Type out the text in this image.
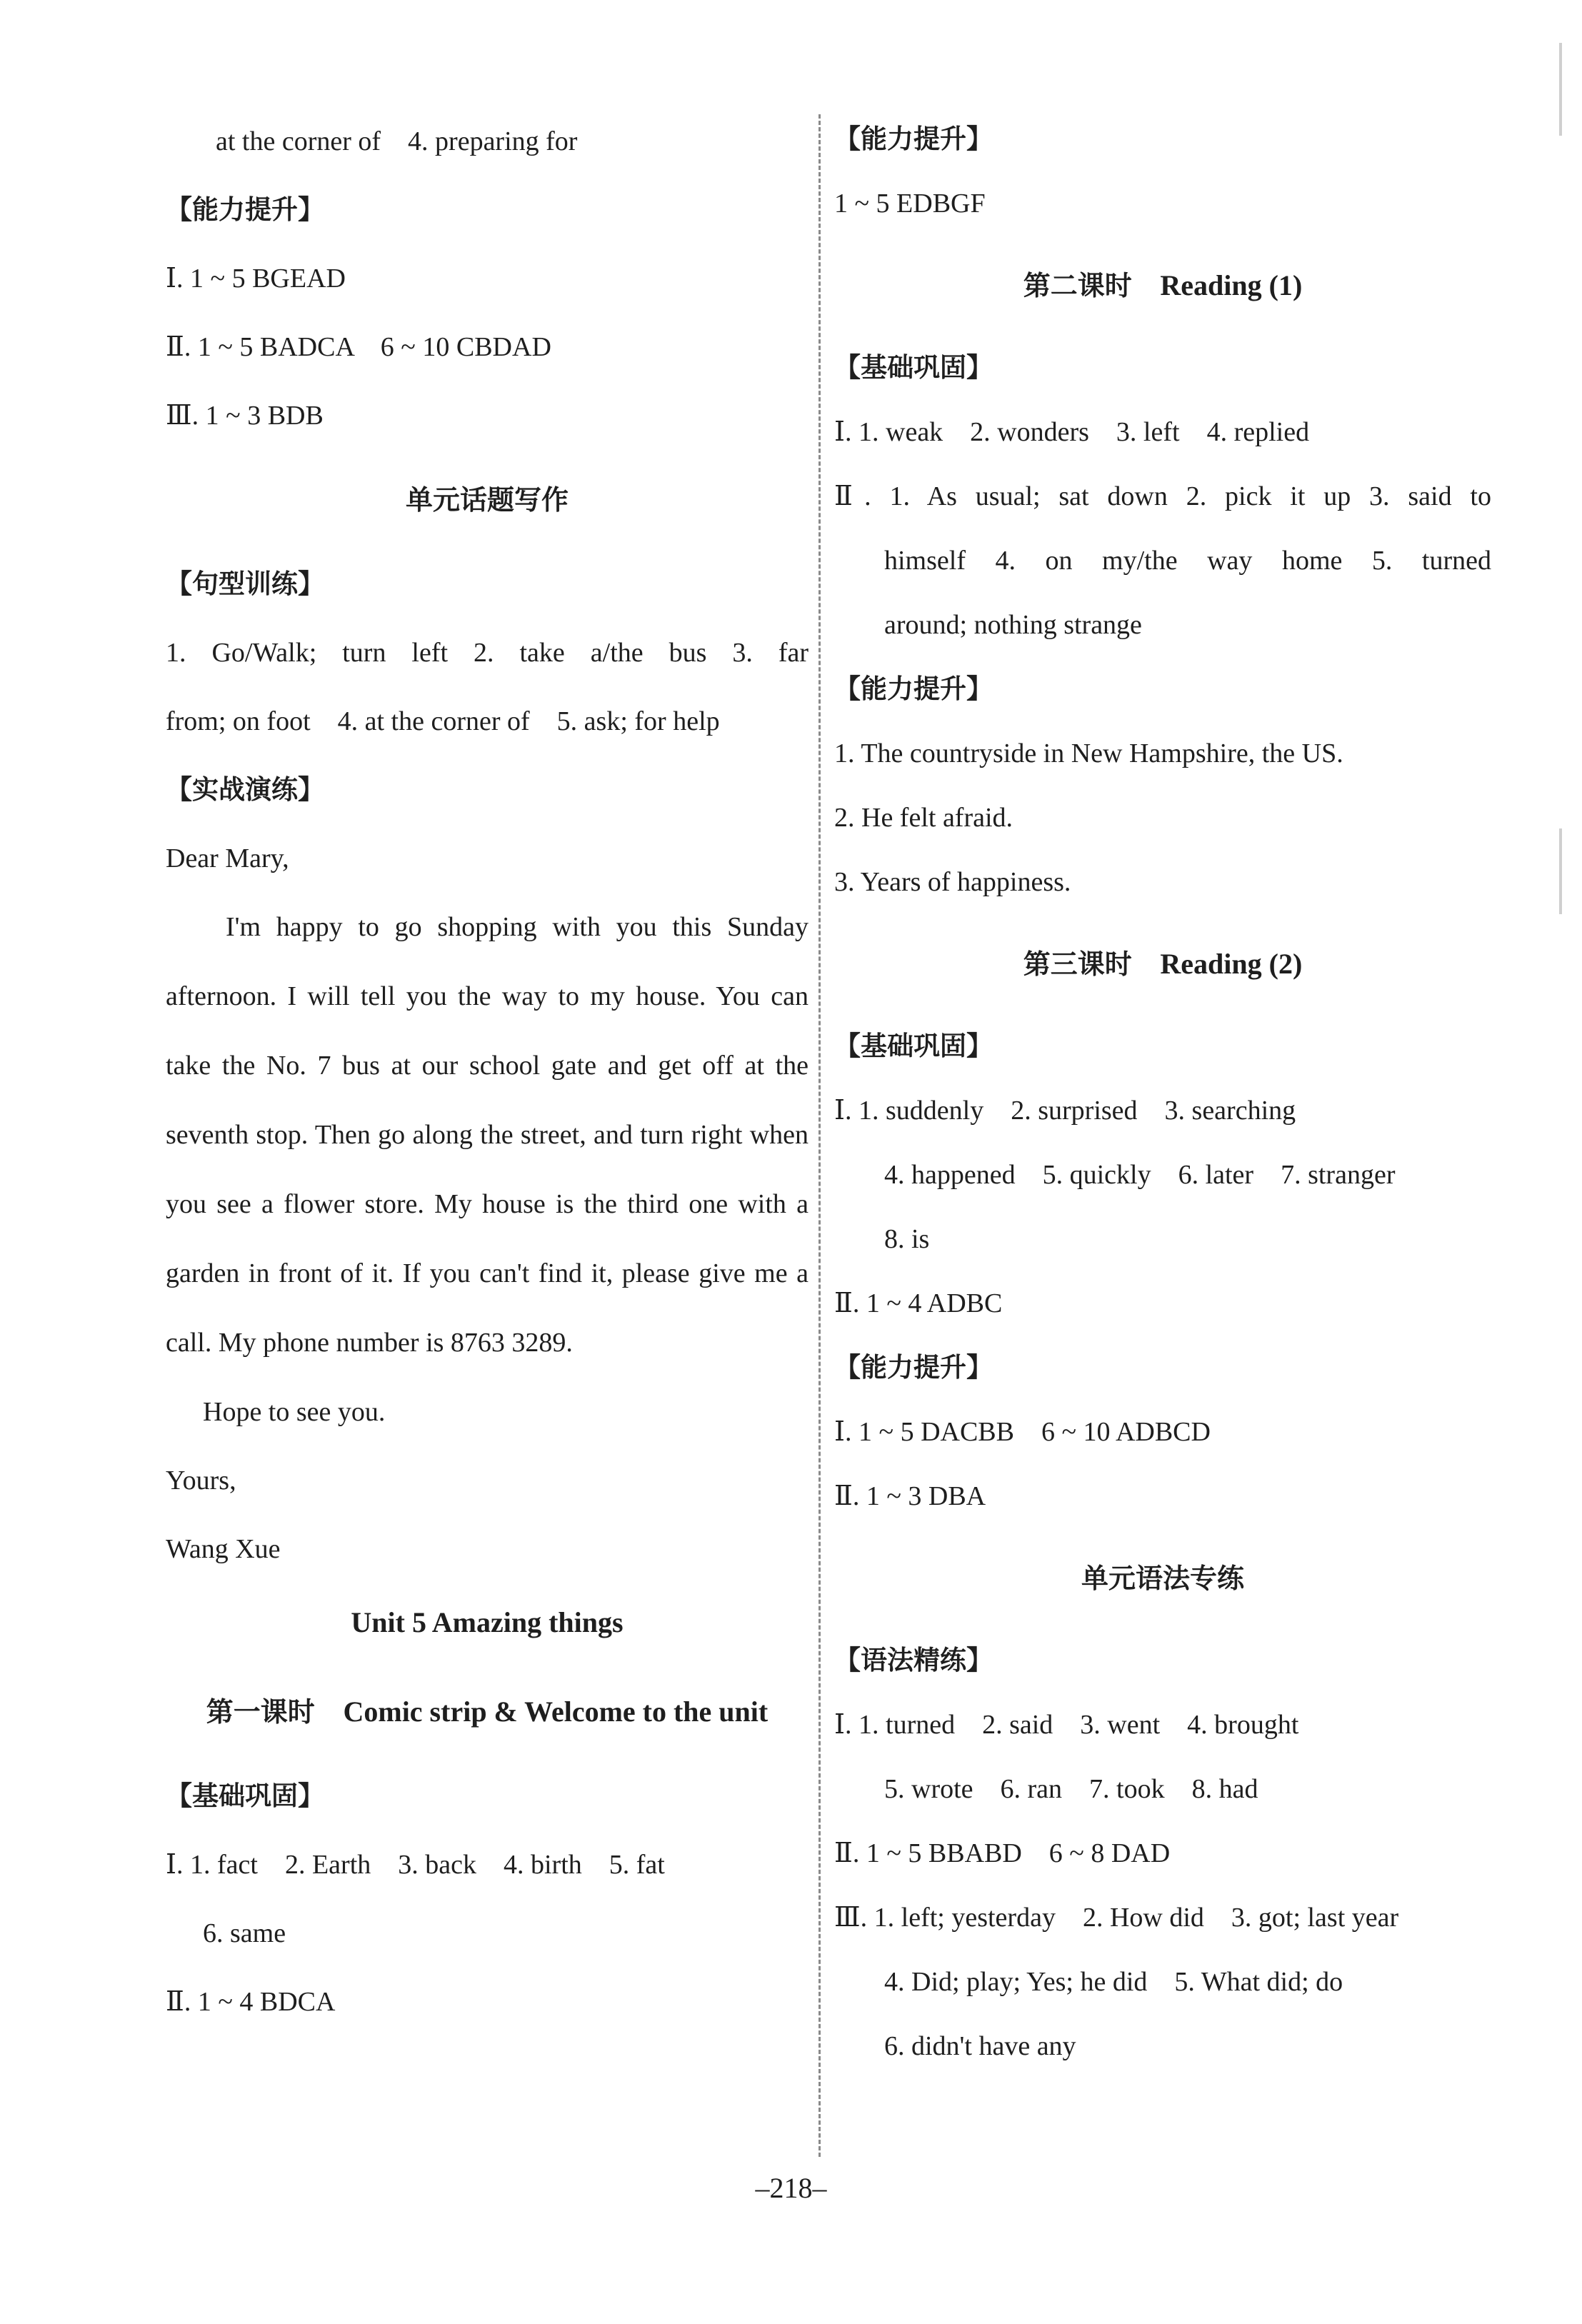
at the corner of    4. preparing for
【能力提升】
Ⅰ. 1 ~ 5 BGEAD
Ⅱ. 1 ~ 5 BADCA    6 ~ 10 CBDAD
Ⅲ. 1 ~ 3 BDB
单元话题写作
【句型训练】
1. Go/Walk; turn left 2. take a/the bus 3. far
from; on foot    4. at the corner of    5. ask; for help
【实战演练】
Dear Mary,
I'm happy to go shopping with you this Sunday afternoon. I will tell you the way to my house. You can take the No. 7 bus at our school gate and get off at the seventh stop. Then go along the street, and turn right when you see a flower store. My house is the third one with a garden in front of it. If you can't find it, please give me a call. My phone number is 8763 3289.
Hope to see you.
Yours,
Wang Xue
Unit 5 Amazing things
第一课时 Comic strip & Welcome to the unit
【基础巩固】
Ⅰ. 1. fact    2. Earth    3. back    4. birth    5. fat
6. same
Ⅱ. 1 ~ 4 BDCA
【能力提升】
1 ~ 5 EDBGF
第二课时 Reading (1)
【基础巩固】
Ⅰ. 1. weak    2. wonders    3. left    4. replied
Ⅱ. 1. As usual; sat down 2. pick it up 3. said to
himself 4. on my/the way home 5. turned
around; nothing strange
【能力提升】
1. The countryside in New Hampshire, the US.
2. He felt afraid.
3. Years of happiness.
第三课时 Reading (2)
【基础巩固】
Ⅰ. 1. suddenly    2. surprised    3. searching
4. happened    5. quickly    6. later    7. stranger
8. is
Ⅱ. 1 ~ 4 ADBC
【能力提升】
Ⅰ. 1 ~ 5 DACBB    6 ~ 10 ADBCD
Ⅱ. 1 ~ 3 DBA
单元语法专练
【语法精练】
Ⅰ. 1. turned    2. said    3. went    4. brought
5. wrote    6. ran    7. took    8. had
Ⅱ. 1 ~ 5 BBABD    6 ~ 8 DAD
Ⅲ. 1. left; yesterday    2. How did    3. got; last year
4. Did; play; Yes; he did    5. What did; do
6. didn't have any
–218–
